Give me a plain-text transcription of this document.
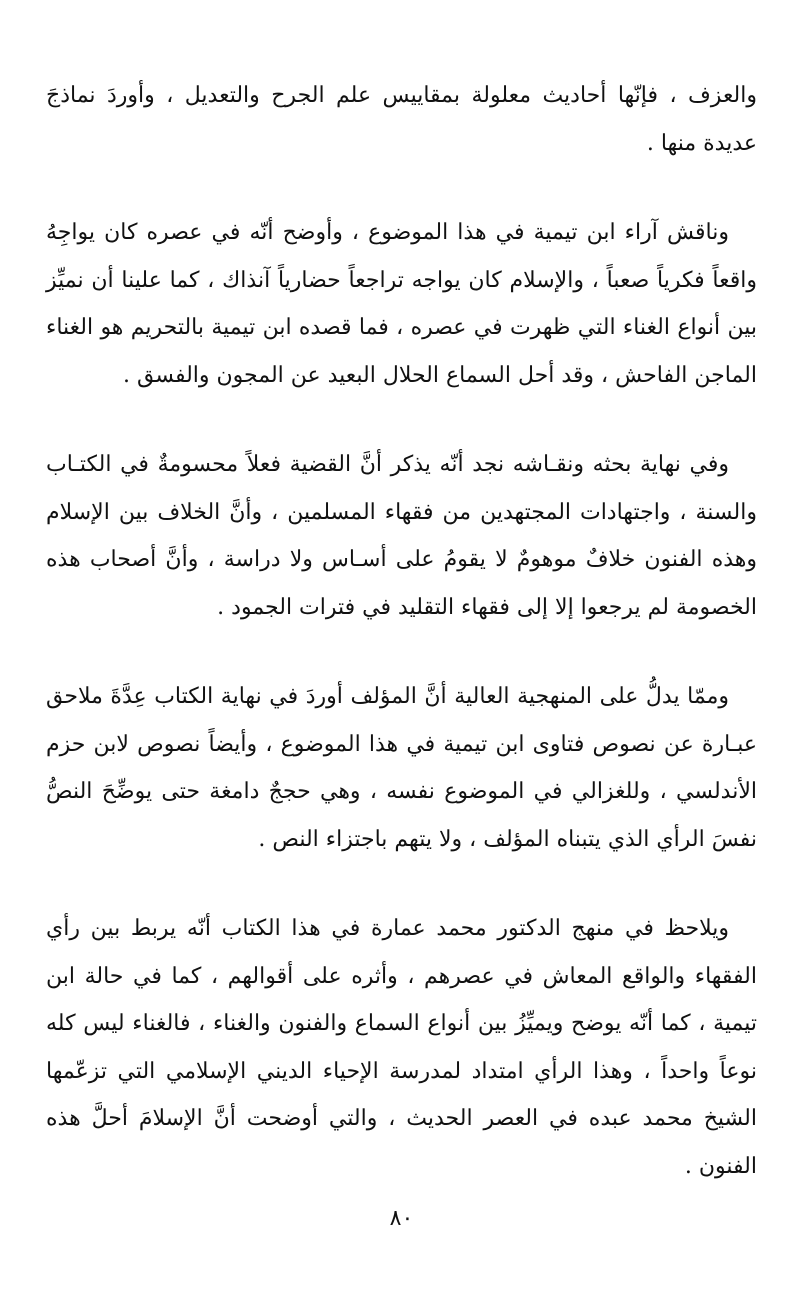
والعزف ، فإنّها أحاديث معلولة بمقاييس علم الجرح والتعديل ، وأوردَ نماذجَ عديدة منها .

وناقش آراء ابن تيمية في هذا الموضوع ، وأوضح أنّه في عصره كان يواجِهُ واقعاً فكرياً صعباً ، والإسلام كان يواجه تراجعاً حضارياً آنذاك ، كما علينا أن نميِّز بين أنواع الغناء التي ظهرت في عصره ، فما قصده ابن تيمية بالتحريم هو الغناء الماجن الفاحش ، وقد أحل السماع الحلال البعيد عن المجون والفسق .

وفي نهاية بحثه ونقـاشه نجد أنّه يذكر أنَّ القضية فعلاً محسومةٌ في الكتـاب والسنة ، واجتهادات المجتهدين من فقهاء المسلمين ، وأنَّ الخلاف بين الإسلام وهذه الفنون خلافٌ موهومٌ لا يقومُ على أسـاس ولا دراسة ، وأنَّ أصحاب هذه الخصومة لم يرجعوا إلا إلى فقهاء التقليد في فترات الجمود .

وممّا يدلُّ على المنهجية العالية أنَّ المؤلف أوردَ في نهاية الكتاب عِدَّةَ ملاحق عبـارة عن نصوص فتاوى ابن تيمية في هذا الموضوع ، وأيضاً نصوص لابن حزم الأندلسي ، وللغزالي في الموضوع نفسه ، وهي حججٌ دامغة حتى يوضِّحَ النصُّ نفسَ الرأي الذي يتبناه المؤلف ، ولا يتهم باجتزاء النص .

ويلاحظ في منهج الدكتور محمد عمارة في هذا الكتاب أنّه يربط بين رأي الفقهاء والواقع المعاش في عصرهم ، وأثره على أقوالهم ، كما في حالة ابن تيمية ، كما أنّه يوضح ويميِّزُ بين أنواع السماع والفنون والغناء ، فالغناء ليس كله نوعاً واحداً ، وهذا الرأي امتداد لمدرسة الإحياء الديني الإسلامي التي تزعّمها الشيخ محمد عبده في العصر الحديث ، والتي أوضحت أنَّ الإسلامَ أحلَّ هذه الفنون .

٨٠
